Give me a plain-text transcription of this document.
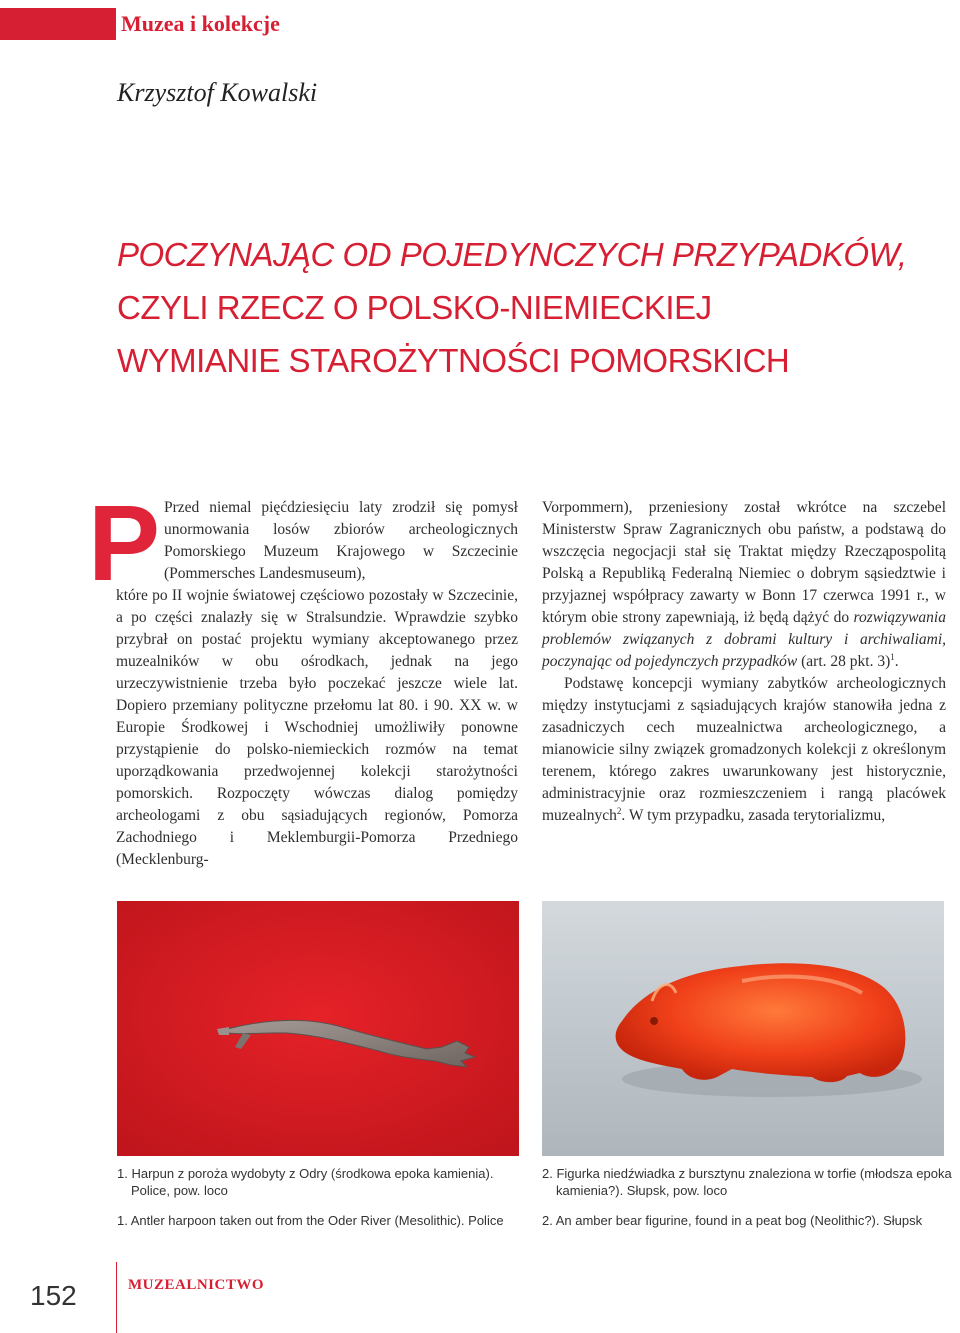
Muzea i kolekcje
Krzysztof Kowalski
POCZYNAJĄC OD POJEDYNCZYCH PRZYPADKÓW,
CZYLI RZECZ O POLSKO-NIEMIECKIEJ
WYMIANIE STAROŻYTNOŚCI POMORSKICH
P Przed niemal pięćdziesięciu laty zrodził się pomysł unormowania losów zbiorów archeologicznych Pomorskiego Muzeum Krajowego w Szczecinie (Pommersches Landesmuseum),

które po II wojnie światowej częściowo pozostały w Szczecinie, a po części znalazły się w Stralsundzie. Wprawdzie szybko przybrał on postać projektu wymiany akceptowanego przez muzealników w obu ośrodkach, jednak na jego urzeczywistnienie trzeba było poczekać jeszcze wiele lat. Dopiero przemiany polityczne przełomu lat 80. i 90. XX w. w Europie Środkowej i Wschodniej umożliwiły ponowne przystąpienie do polsko-niemieckich rozmów na temat uporządkowania przedwojennej kolekcji starożytności pomorskich. Rozpoczęty wówczas dialog pomiędzy archeologami z obu sąsiadujących regionów, Pomorza Zachodniego i Meklemburgii-Pomorza Przedniego (Mecklenburg-

Vorpommern), przeniesiony został wkrótce na szczebel Ministerstw Spraw Zagranicznych obu państw, a podstawą do wszczęcia negocjacji stał się Traktat między Rzecząpospolitą Polską a Republiką Federalną Niemiec o dobrym sąsiedztwie i przyjaznej współpracy zawarty w Bonn 17 czerwca 1991 r., w którym obie strony zapewniają, iż będą dążyć do rozwiązywania problemów związanych z dobrami kultury i archiwaliami, poczynając od pojedynczych przypadków (art. 28 pkt. 3)$^1$.

Podstawę koncepcji wymiany zabytków archeologicznych między instytucjami z sąsiadujących krajów stanowiła jedna z zasadniczych cech muzealnictwa archeologicznego, a mianowicie silny związek gromadzonych kolekcji z określonym terenem, którego zakres uwarunkowany jest historycznie, administracyjnie oraz rozmieszczeniem i rangą placówek muzealnych$^2$. W tym przypadku, zasada terytorializmu,

1. Harpun z poroża wydobyty z Odry (środkowa epoka kamienia). Police, pow. loco
1. Antler harpoon taken out from the Oder River (Mesolithic). Police
2. Figurka niedźwiadka z bursztynu znaleziona w torfie (młodsza epoka kamienia?). Słupsk, pow. loco
2. An amber bear figurine, found in a peat bog (Neolithic?). Słupsk
152	MUZEALNICTWO
